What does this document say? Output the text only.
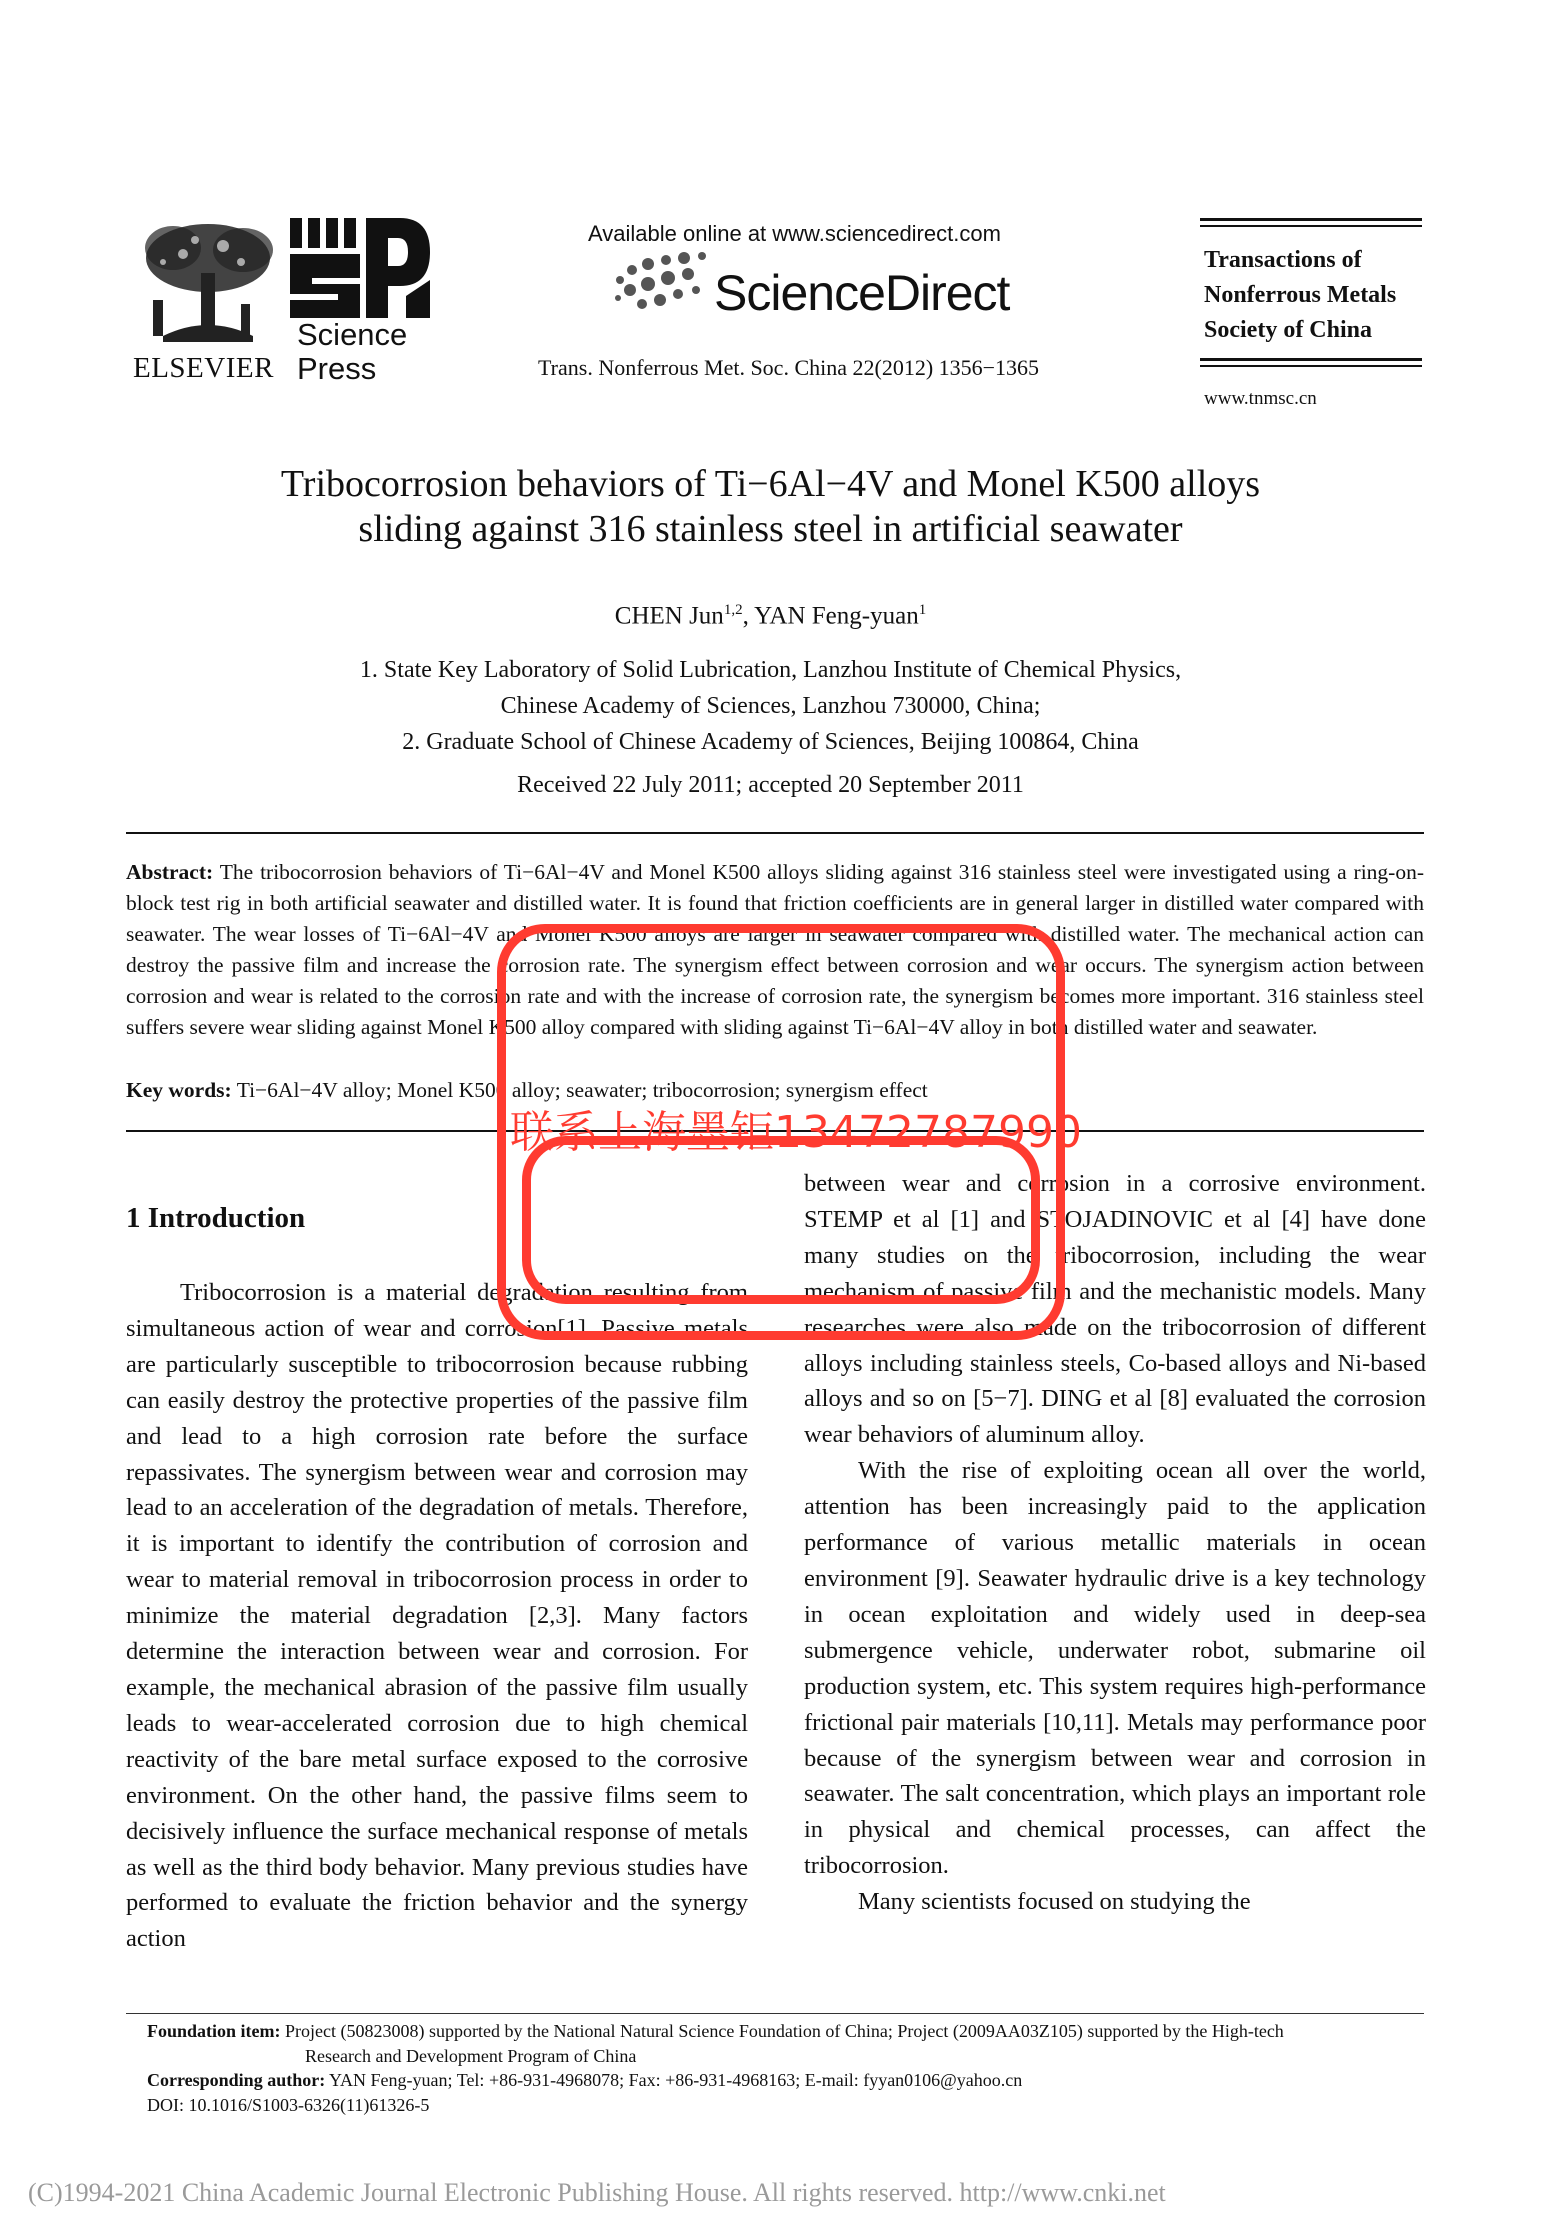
ELSEVIER
Science
Press
Available online at www.sciencedirect.com
ScienceDirect
Trans. Nonferrous Met. Soc. China 22(2012) 1356−1365
Transactions of
Nonferrous Metals
Society of China
www.tnmsc.cn
Tribocorrosion behaviors of Ti−6Al−4V and Monel K500 alloys
sliding against 316 stainless steel in artificial seawater
CHEN Jun$^{1,2}$, YAN Feng-yuan$^1$
1. State Key Laboratory of Solid Lubrication, Lanzhou Institute of Chemical Physics,
Chinese Academy of Sciences, Lanzhou 730000, China;
2. Graduate School of Chinese Academy of Sciences, Beijing 100864, China
Received 22 July 2011; accepted 20 September 2011
Abstract: The tribocorrosion behaviors of Ti−6Al−4V and Monel K500 alloys sliding against 316 stainless steel were investigated using a ring-on-block test rig in both artificial seawater and distilled water. It is found that friction coefficients are in general larger in distilled water compared with seawater. The wear losses of Ti−6Al−4V and Monel K500 alloys are larger in seawater compared with distilled water. The mechanical action can destroy the passive film and increase the corrosion rate. The synergism effect between corrosion and wear occurs. The synergism action between corrosion and wear is related to the corrosion rate and with the increase of corrosion rate, the synergism becomes more important. 316 stainless steel suffers severe wear sliding against Monel K500 alloy compared with sliding against Ti−6Al−4V alloy in both distilled water and seawater.
Key words: Ti−6Al−4V alloy; Monel K500 alloy; seawater; tribocorrosion; synergism effect
1 Introduction

Tribocorrosion is a material degradation resulting from simultaneous action of wear and corrosion[1]. Passive metals are particularly susceptible to tribocorrosion because rubbing can easily destroy the protective properties of the passive film and lead to a high corrosion rate before the surface repassivates. The synergism between wear and corrosion may lead to an acceleration of the degradation of metals. Therefore, it is important to identify the contribution of corrosion and wear to material removal in tribocorrosion process in order to minimize the material degradation [2,3]. Many factors determine the interaction between wear and corrosion. For example, the mechanical abrasion of the passive film usually leads to wear-accelerated corrosion due to high chemical reactivity of the bare metal surface exposed to the corrosive environment. On the other hand, the passive films seem to decisively influence the surface mechanical response of metals as well as the third body behavior. Many previous studies have performed to evaluate the friction behavior and the synergy action

between wear and corrosion in a corrosive environment. STEMP et al [1] and STOJADINOVIC et al [4] have done many studies on the tribocorrosion, including the wear mechanism of passive film and the mechanistic models. Many researches were also made on the tribocorrosion of different alloys including stainless steels, Co-based alloys and Ni-based alloys and so on [5−7]. DING et al [8] evaluated the corrosion wear behaviors of aluminum alloy.

With the rise of exploiting ocean all over the world, attention has been increasingly paid to the application performance of various metallic materials in ocean environment [9]. Seawater hydraulic drive is a key technology in ocean exploitation and widely used in deep-sea submergence vehicle, underwater robot, submarine oil production system, etc. This system requires high-performance frictional pair materials [10,11]. Metals may performance poor because of the synergism between wear and corrosion in seawater. The salt concentration, which plays an important role in physical and chemical processes, can affect the tribocorrosion.

Many scientists focused on studying the

Foundation item: Project (50823008) supported by the National Natural Science Foundation of China; Project (2009AA03Z105) supported by the High-tech
Research and Development Program of China
Corresponding author: YAN Feng-yuan; Tel: +86-931-4968078; Fax: +86-931-4968163; E-mail: fyyan0106@yahoo.cn
DOI: 10.1016/S1003-6326(11)61326-5
(C)1994-2021 China Academic Journal Electronic Publishing House. All rights reserved. http://www.cnki.net
联系上海墨钜13472787990
